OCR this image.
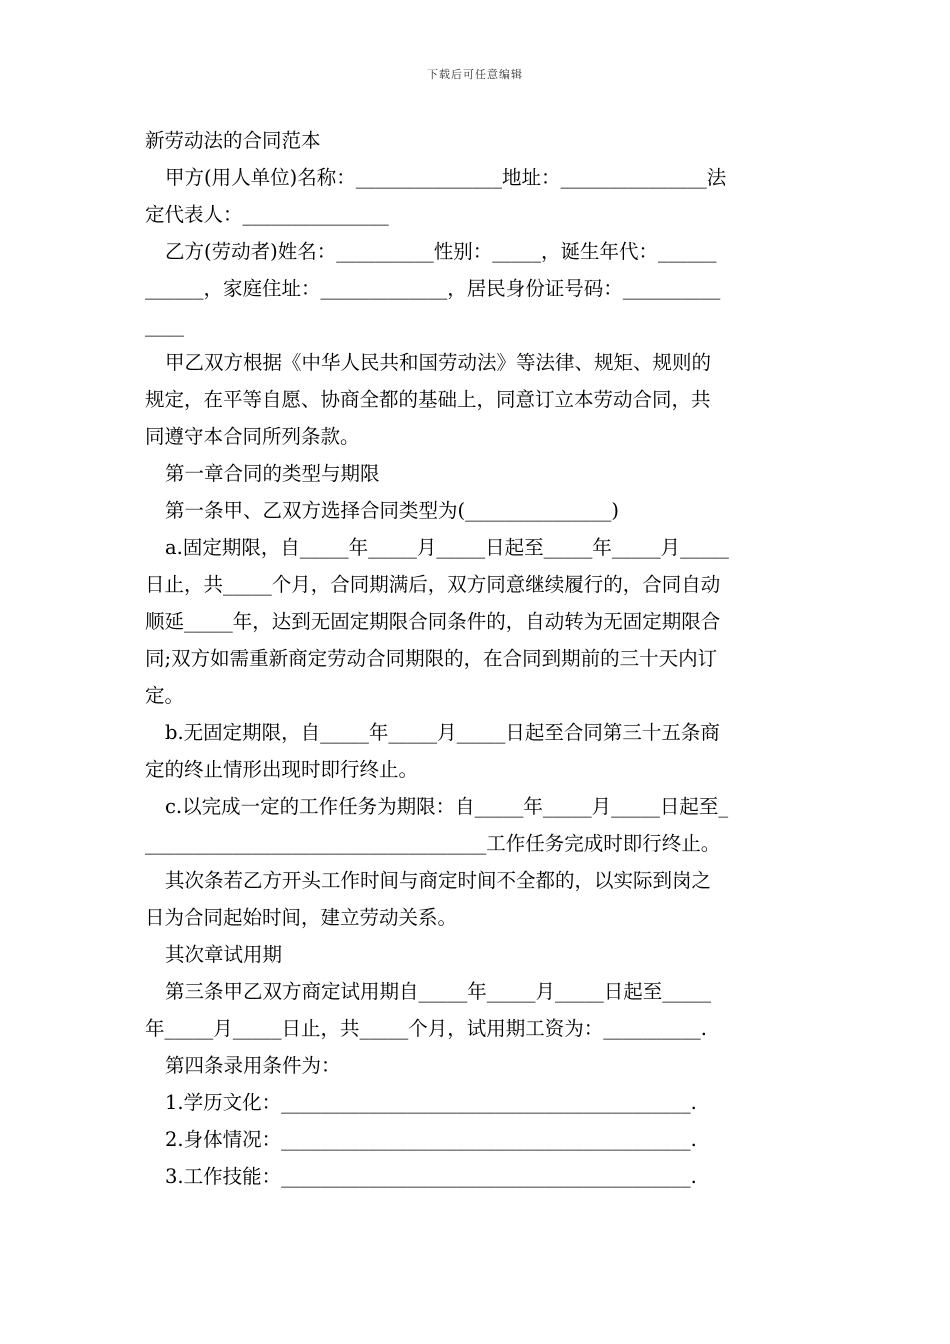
下载后可任意编辑
新劳动法的合同范本
甲方(用人单位)名称：_______________地址：_______________法
定代表人：_______________
乙方(劳动者)姓名：__________性别：_____，诞生年代：______
______，家庭住址：_____________，居民身份证号码：__________
____
甲乙双方根据《中华人民共和国劳动法》等法律、规矩、规则的
规定，在平等自愿、协商全都的基础上，同意订立本劳动合同，共
同遵守本合同所列条款。
第一章合同的类型与期限
第一条甲、乙双方选择合同类型为(_______________)
a.固定期限，自_____年_____月_____日起至_____年_____月_____
日止，共_____个月，合同期满后，双方同意继续履行的，合同自动
顺延_____年，达到无固定期限合同条件的，自动转为无固定期限合
同;双方如需重新商定劳动合同期限的，在合同到期前的三十天内订
定。
b.无固定期限，自_____年_____月_____日起至合同第三十五条商
定的终止情形出现时即行终止。
c.以完成一定的工作任务为期限：自_____年_____月_____日起至_
___________________________________工作任务完成时即行终止。
其次条若乙方开头工作时间与商定时间不全都的，以实际到岗之
日为合同起始时间，建立劳动关系。
其次章试用期
第三条甲乙双方商定试用期自_____年_____月_____日起至_____
年_____月_____日止，共_____个月，试用期工资为：__________.
第四条录用条件为：
1.学历文化：__________________________________________.
2.身体情况：__________________________________________.
3.工作技能：__________________________________________.
